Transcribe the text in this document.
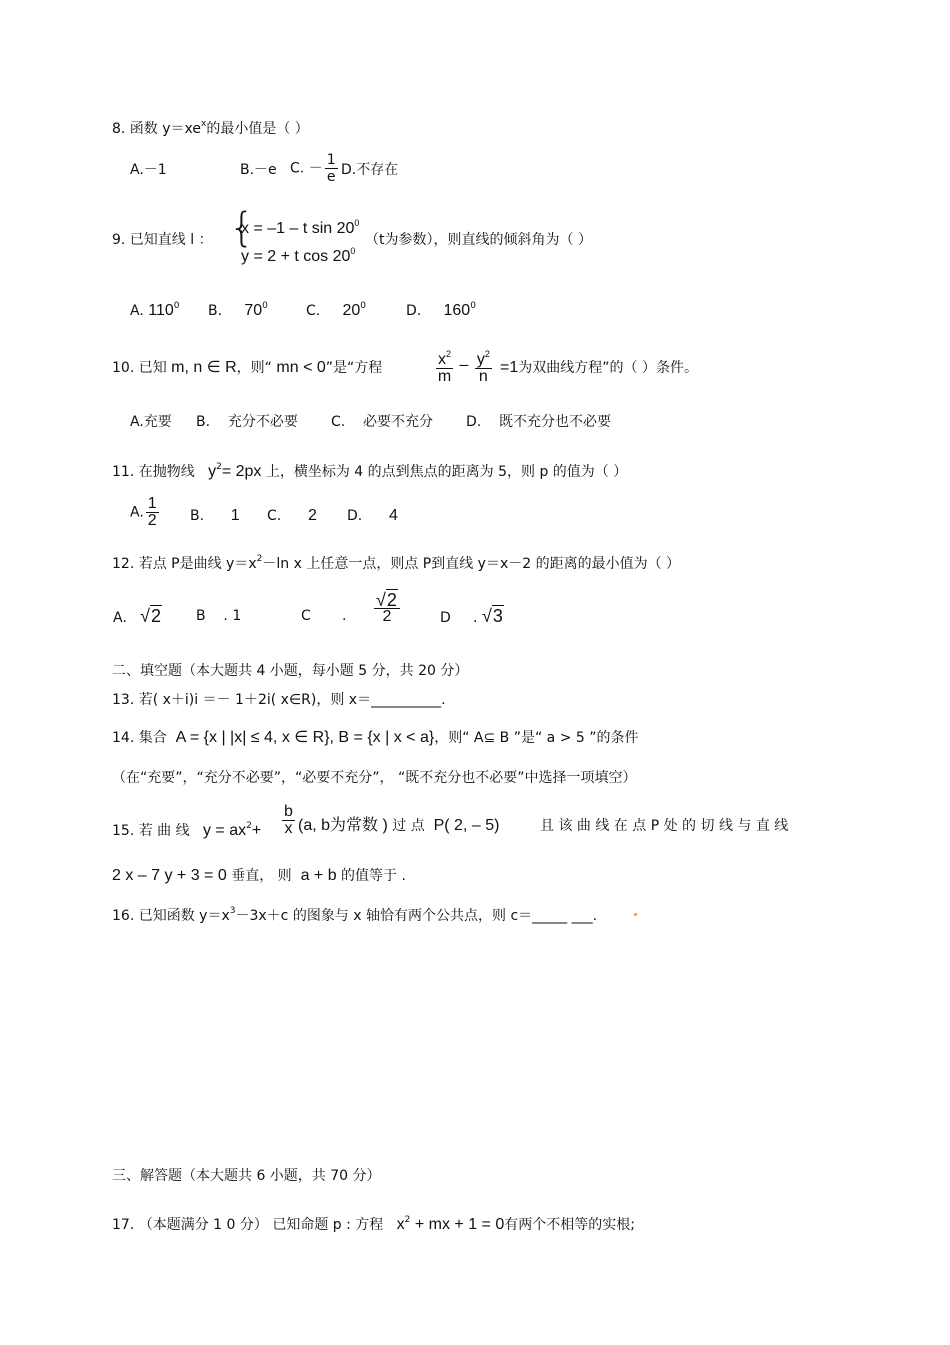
8. 函数 $y=xe^x$的最小值是（ ）
A.－1	B.－e C. － $\frac{1}{e} D$.不存在
9. 已知直线 l ： {
x = –1 – t $\sin 20^0$
y = 2 + t $\cos 20^0$
（t为参数），则直线的倾斜角为（ ）
A. $110^0$ B. $70^0$	C. $20^0$	D. $160^0$
10. 已知 m, n ∈ R，则“ mn < 0”是“方程	$\frac{x^2}{m} - \frac{y^2}{n} =1$为双曲线方程”的（ ）条件。
A.充要 B. 充分不必要 C. 必要不充分 D. 既不充分也不必要
11. 在抛物线 $y^2= 2px$ 上，横坐标为 4 的点到焦点的距离为 5，则 p 的值为（ ）
A. $\frac{1}{2} B$. 1 C. 2 D. 4
12. 若点 P是曲线 $y=x^2-\ln$ x 上任意一点，则点 P到直线 y＝x－2 的距离的最小值为（ ）
A. √2 B . 1	C . $\frac{√2}{2}$	D . √3
二、填空题（本大题共 4 小题，每小题 5 分，共 20 分）
13. 若( x＋i)i ＝－ 1＋2i( x∈R)，则 x＝__________.
14. 集合 A = {x | |x| ≤ 4, x ∈ R}, B = {x | x < a}，则“ A⊆ B ”是“ a > 5 ”的条件
（在“充要”，“充分不必要”，“必要不充分”， “既不充分也不必要”中选择一项填空）
15. 若 曲 线 $y = ax^2+ \frac{b}{x} (a$, b为常数 ) 过 点 P( 2, – 5)	且 该 曲 线 在 点 P 处 的 切 线 与 直 线
2 x – 7 y + 3 = 0 垂直， 则 a + b 的值等于 .
16. 已知函数 $y=x^3-3x+c$ 的图象与 x 轴恰有两个公共点，则 c＝_____ ___.
三、解答题（本大题共 6 小题，共 70 分）
17. （本题满分 1 0 分） 已知命题 p : 方程 $x^2$ + mx + 1 = 0有两个不相等的实根;
